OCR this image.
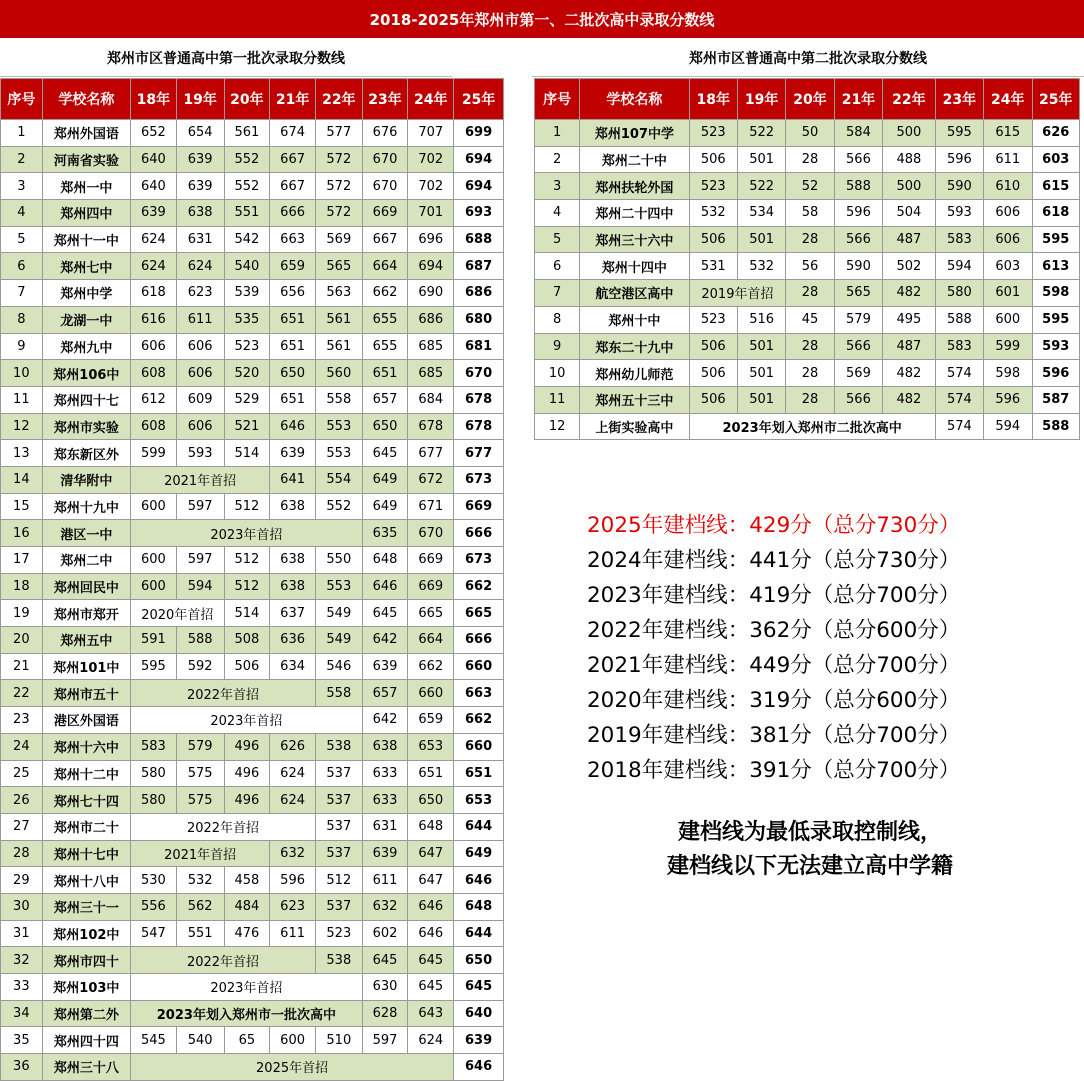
2018-2025年郑州市第一、二批次高中录取分数线
郑州市区普通高中第一批次录取分数线	郑州市区普通高中第二批次录取分数线
序号	学校名称	18年	19年	20年	21年	22年	23年	24年	25年
1	郑州外国语	652	654	561	674	577	676	707	699
2	河南省实验	640	639	552	667	572	670	702	694
3	郑州一中	640	639	552	667	572	670	702	694
4	郑州四中	639	638	551	666	572	669	701	693
5	郑州十一中	624	631	542	663	569	667	696	688
6	郑州七中	624	624	540	659	565	664	694	687
7	郑州中学	618	623	539	656	563	662	690	686
8	龙湖一中	616	611	535	651	561	655	686	680
9	郑州九中	606	606	523	651	561	655	685	681
10	郑州106中	608	606	520	650	560	651	685	670
11	郑州四十七	612	609	529	651	558	657	684	678
12	郑州市实验	608	606	521	646	553	650	678	678
13	郑东新区外	599	593	514	639	553	645	677	677
14	清华附中	2021年首招			641	554	649	672	673
15	郑州十九中	600	597	512	638	552	649	671	669
16	港区一中	2023年首招					635	670	666
17	郑州二中	600	597	512	638	550	648	669	673
18	郑州回民中	600	594	512	638	553	646	669	662
19	郑州市郑开	2020年首招		514	637	549	645	665	665
20	郑州五中	591	588	508	636	549	642	664	666
21	郑州101中	595	592	506	634	546	639	662	660
22	郑州市五十	2022年首招				558	657	660	663
23	港区外国语	2023年首招					642	659	662
24	郑州十六中	583	579	496	626	538	638	653	660
25	郑州十二中	580	575	496	624	537	633	651	651
26	郑州七十四	580	575	496	624	537	633	650	653
27	郑州市二十	2022年首招				537	631	648	644
28	郑州十七中	2021年首招			632	537	639	647	649
29	郑州十八中	530	532	458	596	512	611	647	646
30	郑州三十一	556	562	484	623	537	632	646	648
31	郑州102中	547	551	476	611	523	602	646	644
32	郑州市四十	2022年首招				538	645	645	650
33	郑州103中	2023年首招					630	645	645
34	郑州第二外	2023年划入郑州市一批次高中					628	643	640
35	郑州四十四	545	540	65	600	510	597	624	639
36	郑州三十八	2025年首招							646
序号	学校名称	18年	19年	20年	21年	22年	23年	24年	25年
1	郑州107中学	523	522	50	584	500	595	615	626
2	郑州二十中	506	501	28	566	488	596	611	603
3	郑州扶轮外国	523	522	52	588	500	590	610	615
4	郑州二十四中	532	534	58	596	504	593	606	618
5	郑州三十六中	506	501	28	566	487	583	606	595
6	郑州十四中	531	532	56	590	502	594	603	613
7	航空港区高中	2019年首招		28	565	482	580	601	598
8	郑州十中	523	516	45	579	495	588	600	595
9	郑东二十九中	506	501	28	566	487	583	599	593
10	郑州幼儿师范	506	501	28	569	482	574	598	596
11	郑州五十三中	506	501	28	566	482	574	596	587
12	上街实验高中	2023年划入郑州市二批次高中					574	594	588
2025年建档线：429分（总分730分）
2024年建档线：441分（总分730分）
2023年建档线：419分（总分700分）
2022年建档线：362分（总分600分）
2021年建档线：449分（总分700分）
2020年建档线：319分（总分600分）
2019年建档线：381分（总分700分）
2018年建档线：391分（总分700分）
建档线为最低录取控制线，
建档线以下无法建立高中学籍
